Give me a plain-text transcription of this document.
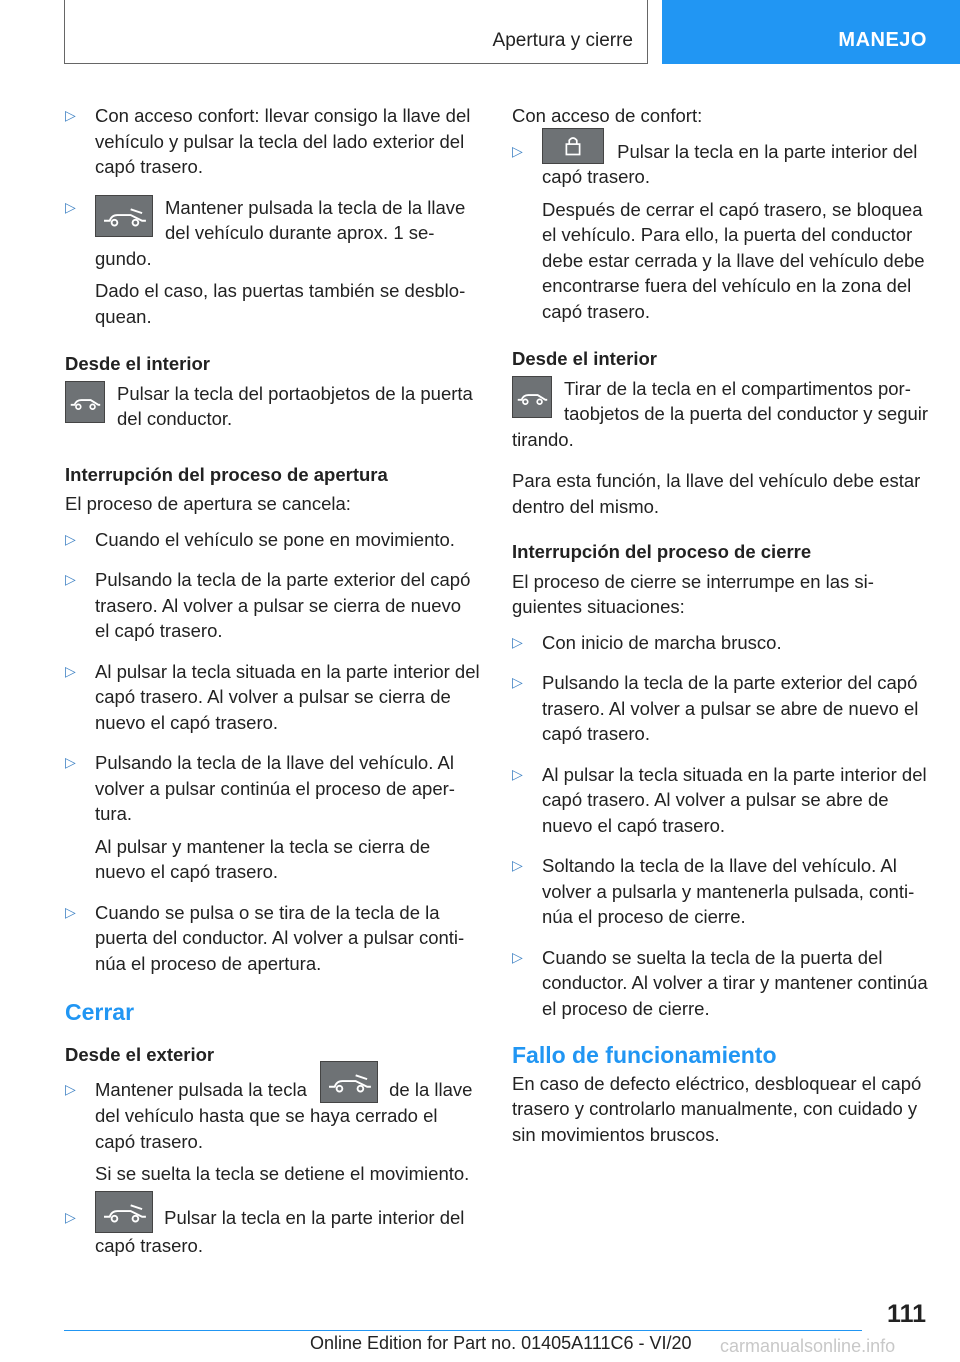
Apertura y cierre	MANEJO
▷ Con acceso confort: llevar consigo la llave del vehículo y pulsar la tecla del lado exterior del capó trasero.
▷	Mantener pulsada la tecla de la llave del vehículo durante aprox. 1 segundo.
Dado el caso, las puertas también se desbloquean.
Desde el interior
Pulsar la tecla del portaobjetos de la puerta del conductor.
Interrupción del proceso de apertura
El proceso de apertura se cancela:
▷ Cuando el vehículo se pone en movimiento.
▷ Pulsando la tecla de la parte exterior del capó trasero. Al volver a pulsar se cierra de nuevo el capó trasero.
▷ Al pulsar la tecla situada en la parte interior del capó trasero. Al volver a pulsar se cierra de nuevo el capó trasero.
▷ Pulsando la tecla de la llave del vehículo. Al volver a pulsar continúa el proceso de apertura.
Al pulsar y mantener la tecla se cierra de nuevo el capó trasero.
▷ Cuando se pulsa o se tira de la tecla de la puerta del conductor. Al volver a pulsar continúa el proceso de apertura.
Cerrar
Desde el exterior
▷ Mantener pulsada la tecla	de la llave del vehículo hasta que se haya cerrado el capó trasero.
Si se suelta la tecla se detiene el movimiento.
▷	Pulsar la tecla en la parte interior del capó trasero.
Con acceso de confort:
▷	Pulsar la tecla en la parte interior del capó trasero.
Después de cerrar el capó trasero, se bloquea el vehículo. Para ello, la puerta del conductor debe estar cerrada y la llave del vehículo debe encontrarse fuera del vehículo en la zona del capó trasero.
Desde el interior
Tirar de la tecla en el compartimentos portaobjetos de la puerta del conductor y seguir tirando.
Para esta función, la llave del vehículo debe estar dentro del mismo.
Interrupción del proceso de cierre
El proceso de cierre se interrumpe en las siguientes situaciones:
▷ Con inicio de marcha brusco.
▷ Pulsando la tecla de la parte exterior del capó trasero. Al volver a pulsar se abre de nuevo el capó trasero.
▷ Al pulsar la tecla situada en la parte interior del capó trasero. Al volver a pulsar se abre de nuevo el capó trasero.
▷ Soltando la tecla de la llave del vehículo. Al volver a pulsarla y mantenerla pulsada, continúa el proceso de cierre.
▷ Cuando se suelta la tecla de la puerta del conductor. Al volver a tirar y mantener continúa el proceso de cierre.
Fallo de funcionamiento
En caso de defecto eléctrico, desbloquear el capó trasero y controlarlo manualmente, con cuidado y sin movimientos bruscos.
111
Online Edition for Part no. 01405A111C6 - VI/20 carmanualsonline.info
